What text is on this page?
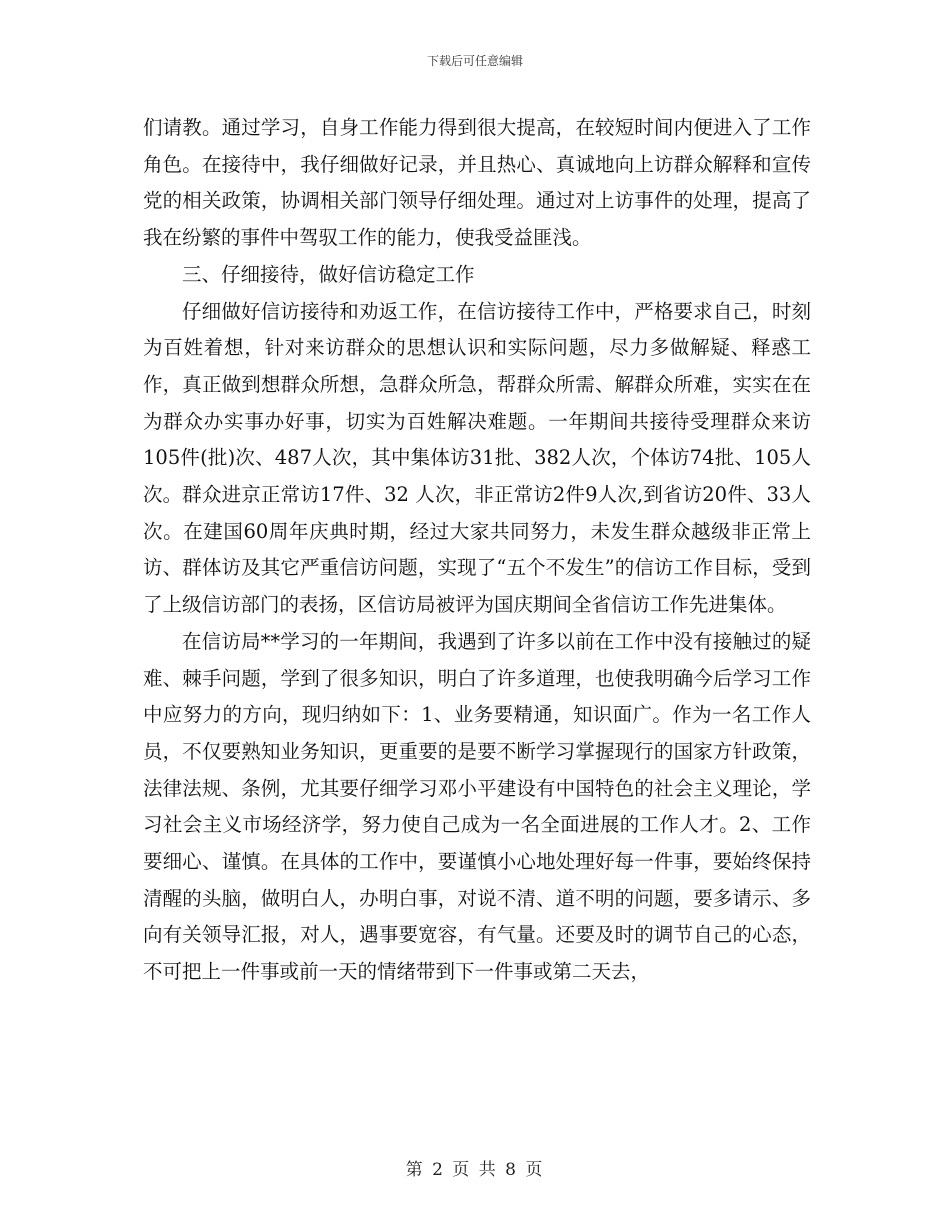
下载后可任意编辑

们请教。通过学习，自身工作能力得到很大提高，在较短时间内便进入了工作角色。在接待中，我仔细做好记录，并且热心、真诚地向上访群众解释和宣传党的相关政策，协调相关部门领导仔细处理。通过对上访事件的处理，提高了我在纷繁的事件中驾驭工作的能力，使我受益匪浅。

三、仔细接待，做好信访稳定工作

仔细做好信访接待和劝返工作，在信访接待工作中，严格要求自己，时刻为百姓着想，针对来访群众的思想认识和实际问题，尽力多做解疑、释惑工作，真正做到想群众所想，急群众所急，帮群众所需、解群众所难，实实在在为群众办实事办好事，切实为百姓解决难题。一年期间共接待受理群众来访105件(批)次、487人次，其中集体访31批、382人次，个体访74批、105人次。群众进京正常访17件、32 人次，非正常访2件9人次,到省访20件、33人次。在建国60周年庆典时期，经过大家共同努力，未发生群众越级非正常上访、群体访及其它严重信访问题，实现了“五个不发生”的信访工作目标，受到了上级信访部门的表扬，区信访局被评为国庆期间全省信访工作先进集体。

在信访局**学习的一年期间，我遇到了许多以前在工作中没有接触过的疑难、棘手问题，学到了很多知识，明白了许多道理，也使我明确今后学习工作中应努力的方向，现归纳如下：1、业务要精通，知识面广。作为一名工作人员，不仅要熟知业务知识，更重要的是要不断学习掌握现行的国家方针政策，法律法规、条例，尤其要仔细学习邓小平建设有中国特色的社会主义理论，学习社会主义市场经济学，努力使自己成为一名全面进展的工作人才。2、工作要细心、谨慎。在具体的工作中，要谨慎小心地处理好每一件事，要始终保持清醒的头脑，做明白人，办明白事，对说不清、道不明的问题，要多请示、多向有关领导汇报，对人，遇事要宽容，有气量。还要及时的调节自己的心态，不可把上一件事或前一天的情绪带到下一件事或第二天去，

第 2 页 共 8 页
